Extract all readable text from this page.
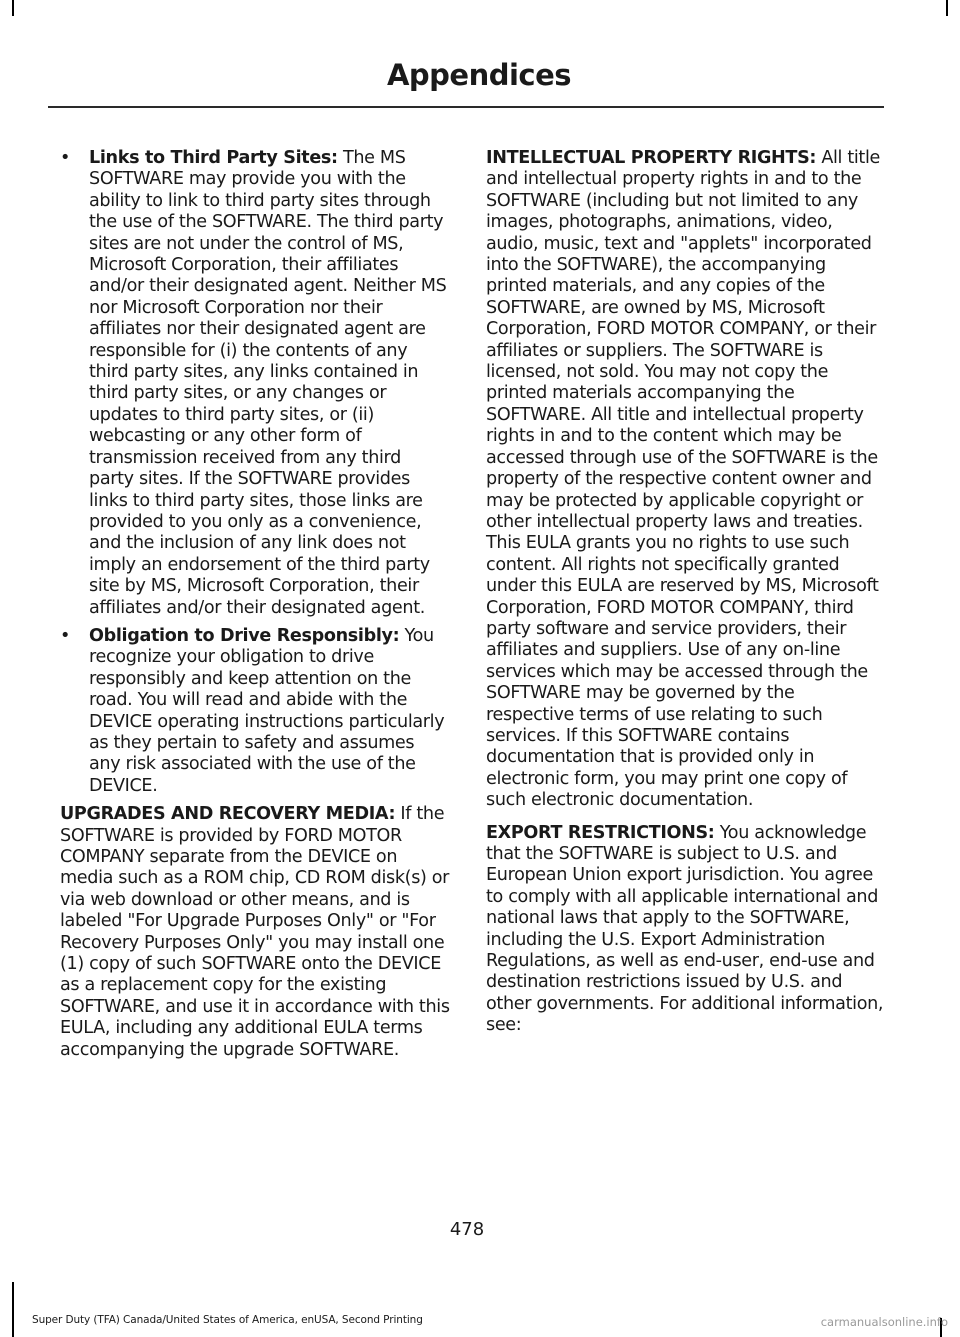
Appendices
• Links to Third Party Sites: The MS SOFTWARE may provide you with the ability to link to third party sites through the use of the SOFTWARE. The third party sites are not under the control of MS, Microsoft Corporation, their affiliates and/or their designated agent. Neither MS nor Microsoft Corporation nor their affiliates nor their designated agent are responsible for (i) the contents of any third party sites, any links contained in third party sites, or any changes or updates to third party sites, or (ii) webcasting or any other form of transmission received from any third party sites. If the SOFTWARE provides links to third party sites, those links are provided to you only as a convenience, and the inclusion of any link does not imply an endorsement of the third party site by MS, Microsoft Corporation, their affiliates and/or their designated agent.
• Obligation to Drive Responsibly: You recognize your obligation to drive responsibly and keep attention on the road. You will read and abide with the DEVICE operating instructions particularly as they pertain to safety and assumes any risk associated with the use of the DEVICE.
UPGRADES AND RECOVERY MEDIA: If the SOFTWARE is provided by FORD MOTOR COMPANY separate from the DEVICE on media such as a ROM chip, CD ROM disk(s) or via web download or other means, and is labeled "For Upgrade Purposes Only" or "For Recovery Purposes Only" you may install one (1) copy of such SOFTWARE onto the DEVICE as a replacement copy for the existing SOFTWARE, and use it in accordance with this EULA, including any additional EULA terms accompanying the upgrade SOFTWARE.
INTELLECTUAL PROPERTY RIGHTS: All title and intellectual property rights in and to the SOFTWARE (including but not limited to any images, photographs, animations, video, audio, music, text and "applets" incorporated into the SOFTWARE), the accompanying printed materials, and any copies of the SOFTWARE, are owned by MS, Microsoft Corporation, FORD MOTOR COMPANY, or their affiliates or suppliers. The SOFTWARE is licensed, not sold. You may not copy the printed materials accompanying the SOFTWARE. All title and intellectual property rights in and to the content which may be accessed through use of the SOFTWARE is the property of the respective content owner and may be protected by applicable copyright or other intellectual property laws and treaties. This EULA grants you no rights to use such content. All rights not specifically granted under this EULA are reserved by MS, Microsoft Corporation, FORD MOTOR COMPANY, third party software and service providers, their affiliates and suppliers. Use of any on-line services which may be accessed through the SOFTWARE may be governed by the respective terms of use relating to such services. If this SOFTWARE contains documentation that is provided only in electronic form, you may print one copy of such electronic documentation.
EXPORT RESTRICTIONS: You acknowledge that the SOFTWARE is subject to U.S. and European Union export jurisdiction. You agree to comply with all applicable international and national laws that apply to the SOFTWARE, including the U.S. Export Administration Regulations, as well as end-user, end-use and destination restrictions issued by U.S. and other governments. For additional information, see:
478
Super Duty (TFA) Canada/United States of America, enUSA, Second Printing	carmanualsonline.info
